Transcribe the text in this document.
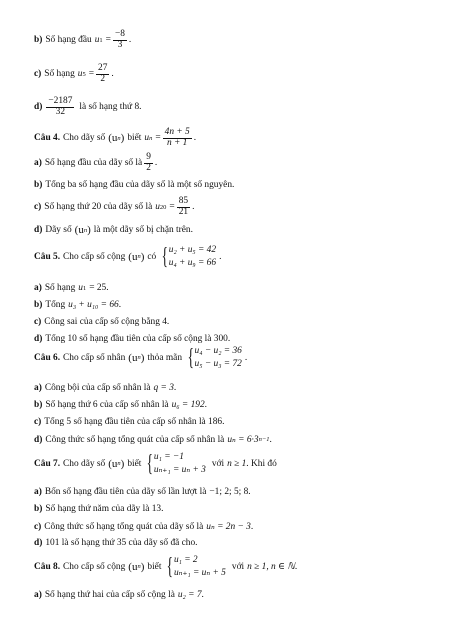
b) Số hạng đầu u $1 = \frac{-8}{3}$ .
c) Số hạng u $5 = \frac{27}{2}$ .
$d) \frac{-2187}{32}$ là số hạng thứ 8.
Câu 4. Cho dãy số (u n ) biết u $n = \frac{4n + 5}{n + 1}$ .
a) Số hạng đầu của dãy số là $\frac{9}{2}$ .
b) Tổng ba số hạng đầu của dãy số là một số nguyên.
c) Số hạng thứ 20 của dãy số là u $20 = \frac{85}{21}$ .
d) Dãy số (u n ) là một dãy số bị chặn trên.
Câu 5. Cho cấp số cộng (u n ) có { u₂ + u₅ = 42
u₄ + u₉ = 66
.
a) Số hạng u 1 = 25 .
b) Tổng u₃ + u₁₀ = 66 .
c) Công sai của cấp số cộng bằng 4.
d) Tổng 10 số hạng đầu tiên của cấp số cộng là 300.
Câu 6. Cho cấp số nhân (u n ) thỏa mãn { u₄ − u₂ = 36
u₅ − u₃ = 72
.
a) Công bội của cấp số nhân là q = 3 .
b) Số hạng thứ 6 của cấp số nhân là u₆ = 192 .
c) Tổng 5 số hạng đầu tiên của cấp số nhân là 186.
d) Công thức số hạng tổng quát của cấp số nhân là uₙ = 6·3 n−1 .
Câu 7. Cho dãy số (u n ) biết { u₁ = −1
uₙ₊₁ = uₙ + 3
với n ≥ 1 . Khi đó
a) Bốn số hạng đầu tiên của dãy số lần lượt là −1; 2; 5; 8 .
b) Số hạng thứ năm của dãy là 13.
c) Công thức số hạng tổng quát của dãy số là uₙ = 2n − 3 .
d) 101 là số hạng thứ 35 của dãy số đã cho.
Câu 8. Cho cấp số cộng (u n ) biết { u₁ = 2
uₙ₊₁ = uₙ + 5
với n ≥ 1, n ∈ ℕ .
a) Số hạng thứ hai của cấp số cộng là u₂ = 7 .
